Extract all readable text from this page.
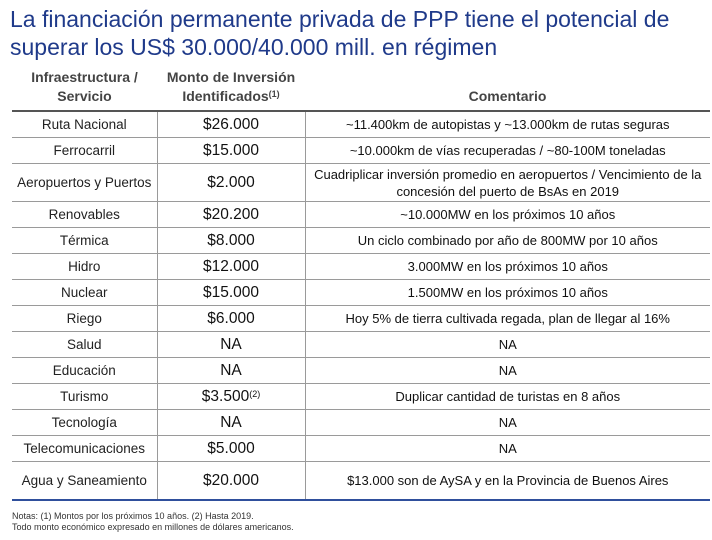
La financiación permanente privada de PPP tiene el potencial de superar los US$ 30.000/40.000 mill. en régimen
Infraestructura / Servicio	Monto de Inversión Identificados$^{(1)}$	Comentario
Ruta Nacional	$26.000	~11.400km de autopistas y ~13.000km de rutas seguras
Ferrocarril	$15.000	~10.000km de vías recuperadas / ~80-100M toneladas
Aeropuertos y Puertos	$2.000	Cuadriplicar inversión promedio en aeropuertos / Vencimiento de la concesión del puerto de BsAs en 2019
Renovables	$20.200	~10.000MW en los próximos 10 años
Térmica	$8.000	Un ciclo combinado por año de 800MW por 10 años
Hidro	$12.000	3.000MW en los próximos 10 años
Nuclear	$15.000	1.500MW en los próximos 10 años
Riego	$6.000	Hoy 5% de tierra cultivada regada, plan de llegar al 16%
Salud	NA	NA
Educación	NA	NA
Turismo	$3.500$^{(2)}$	Duplicar cantidad de turistas en 8 años
Tecnología	NA	NA
Telecomunicaciones	$5.000	NA
Agua y Saneamiento	$20.000	$13.000 son de AySA y en la Provincia de Buenos Aires
Notas: (1) Montos por los próximos 10 años. (2) Hasta 2019.
Todo monto económico expresado en millones de dólares americanos.
